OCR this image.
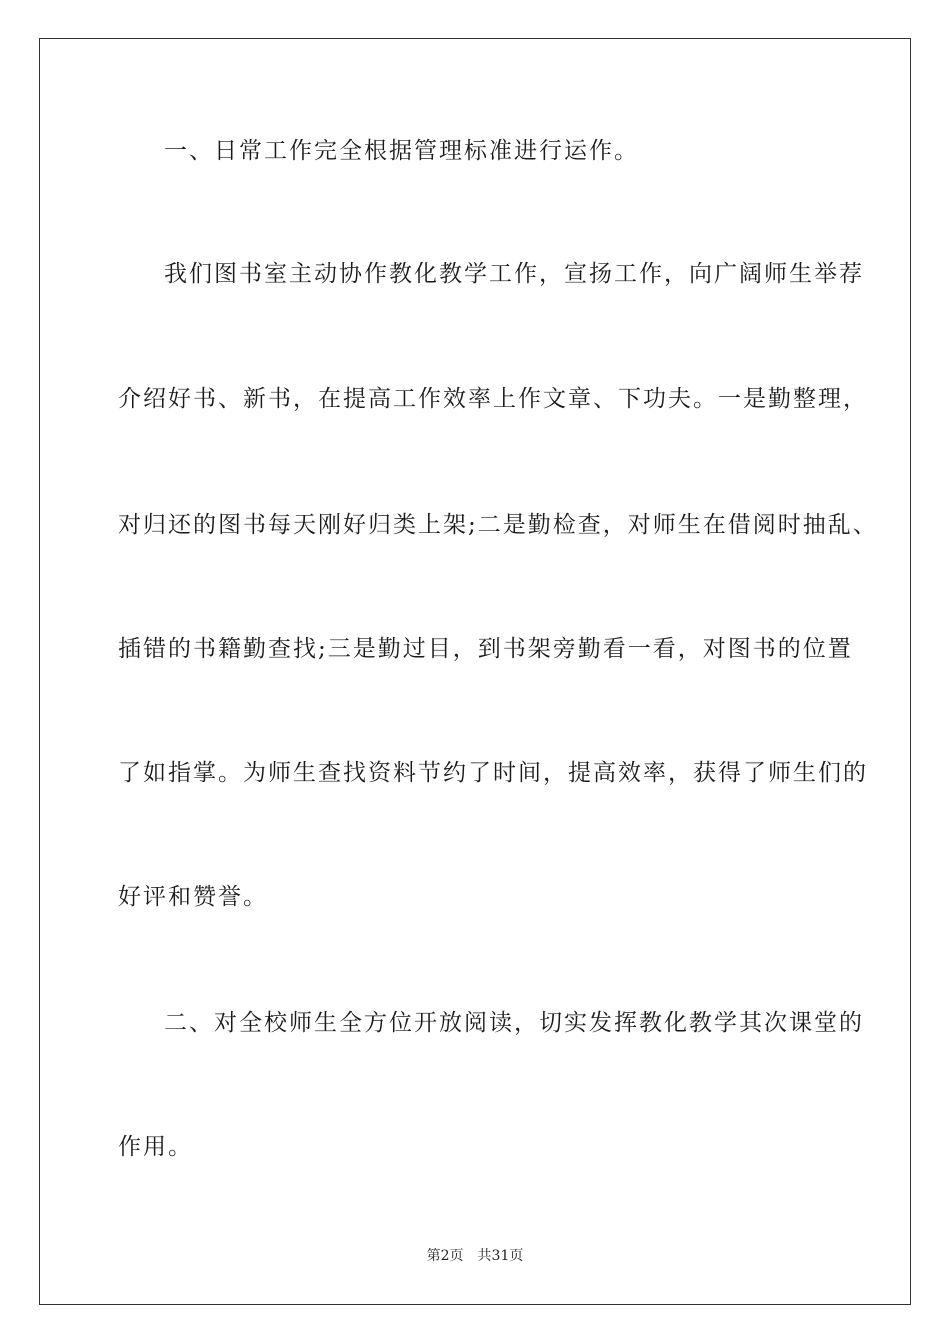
一、日常工作完全根据管理标准进行运作。
我们图书室主动协作教化教学工作，宣扬工作，向广阔师生举荐
介绍好书、新书，在提高工作效率上作文章、下功夫。一是勤整理，
对归还的图书每天刚好归类上架;二是勤检查，对师生在借阅时抽乱、
插错的书籍勤查找;三是勤过目，到书架旁勤看一看，对图书的位置
了如指掌。为师生查找资料节约了时间，提高效率，获得了师生们的
好评和赞誉。
二、对全校师生全方位开放阅读，切实发挥教化教学其次课堂的
作用。
第2页 共31页
